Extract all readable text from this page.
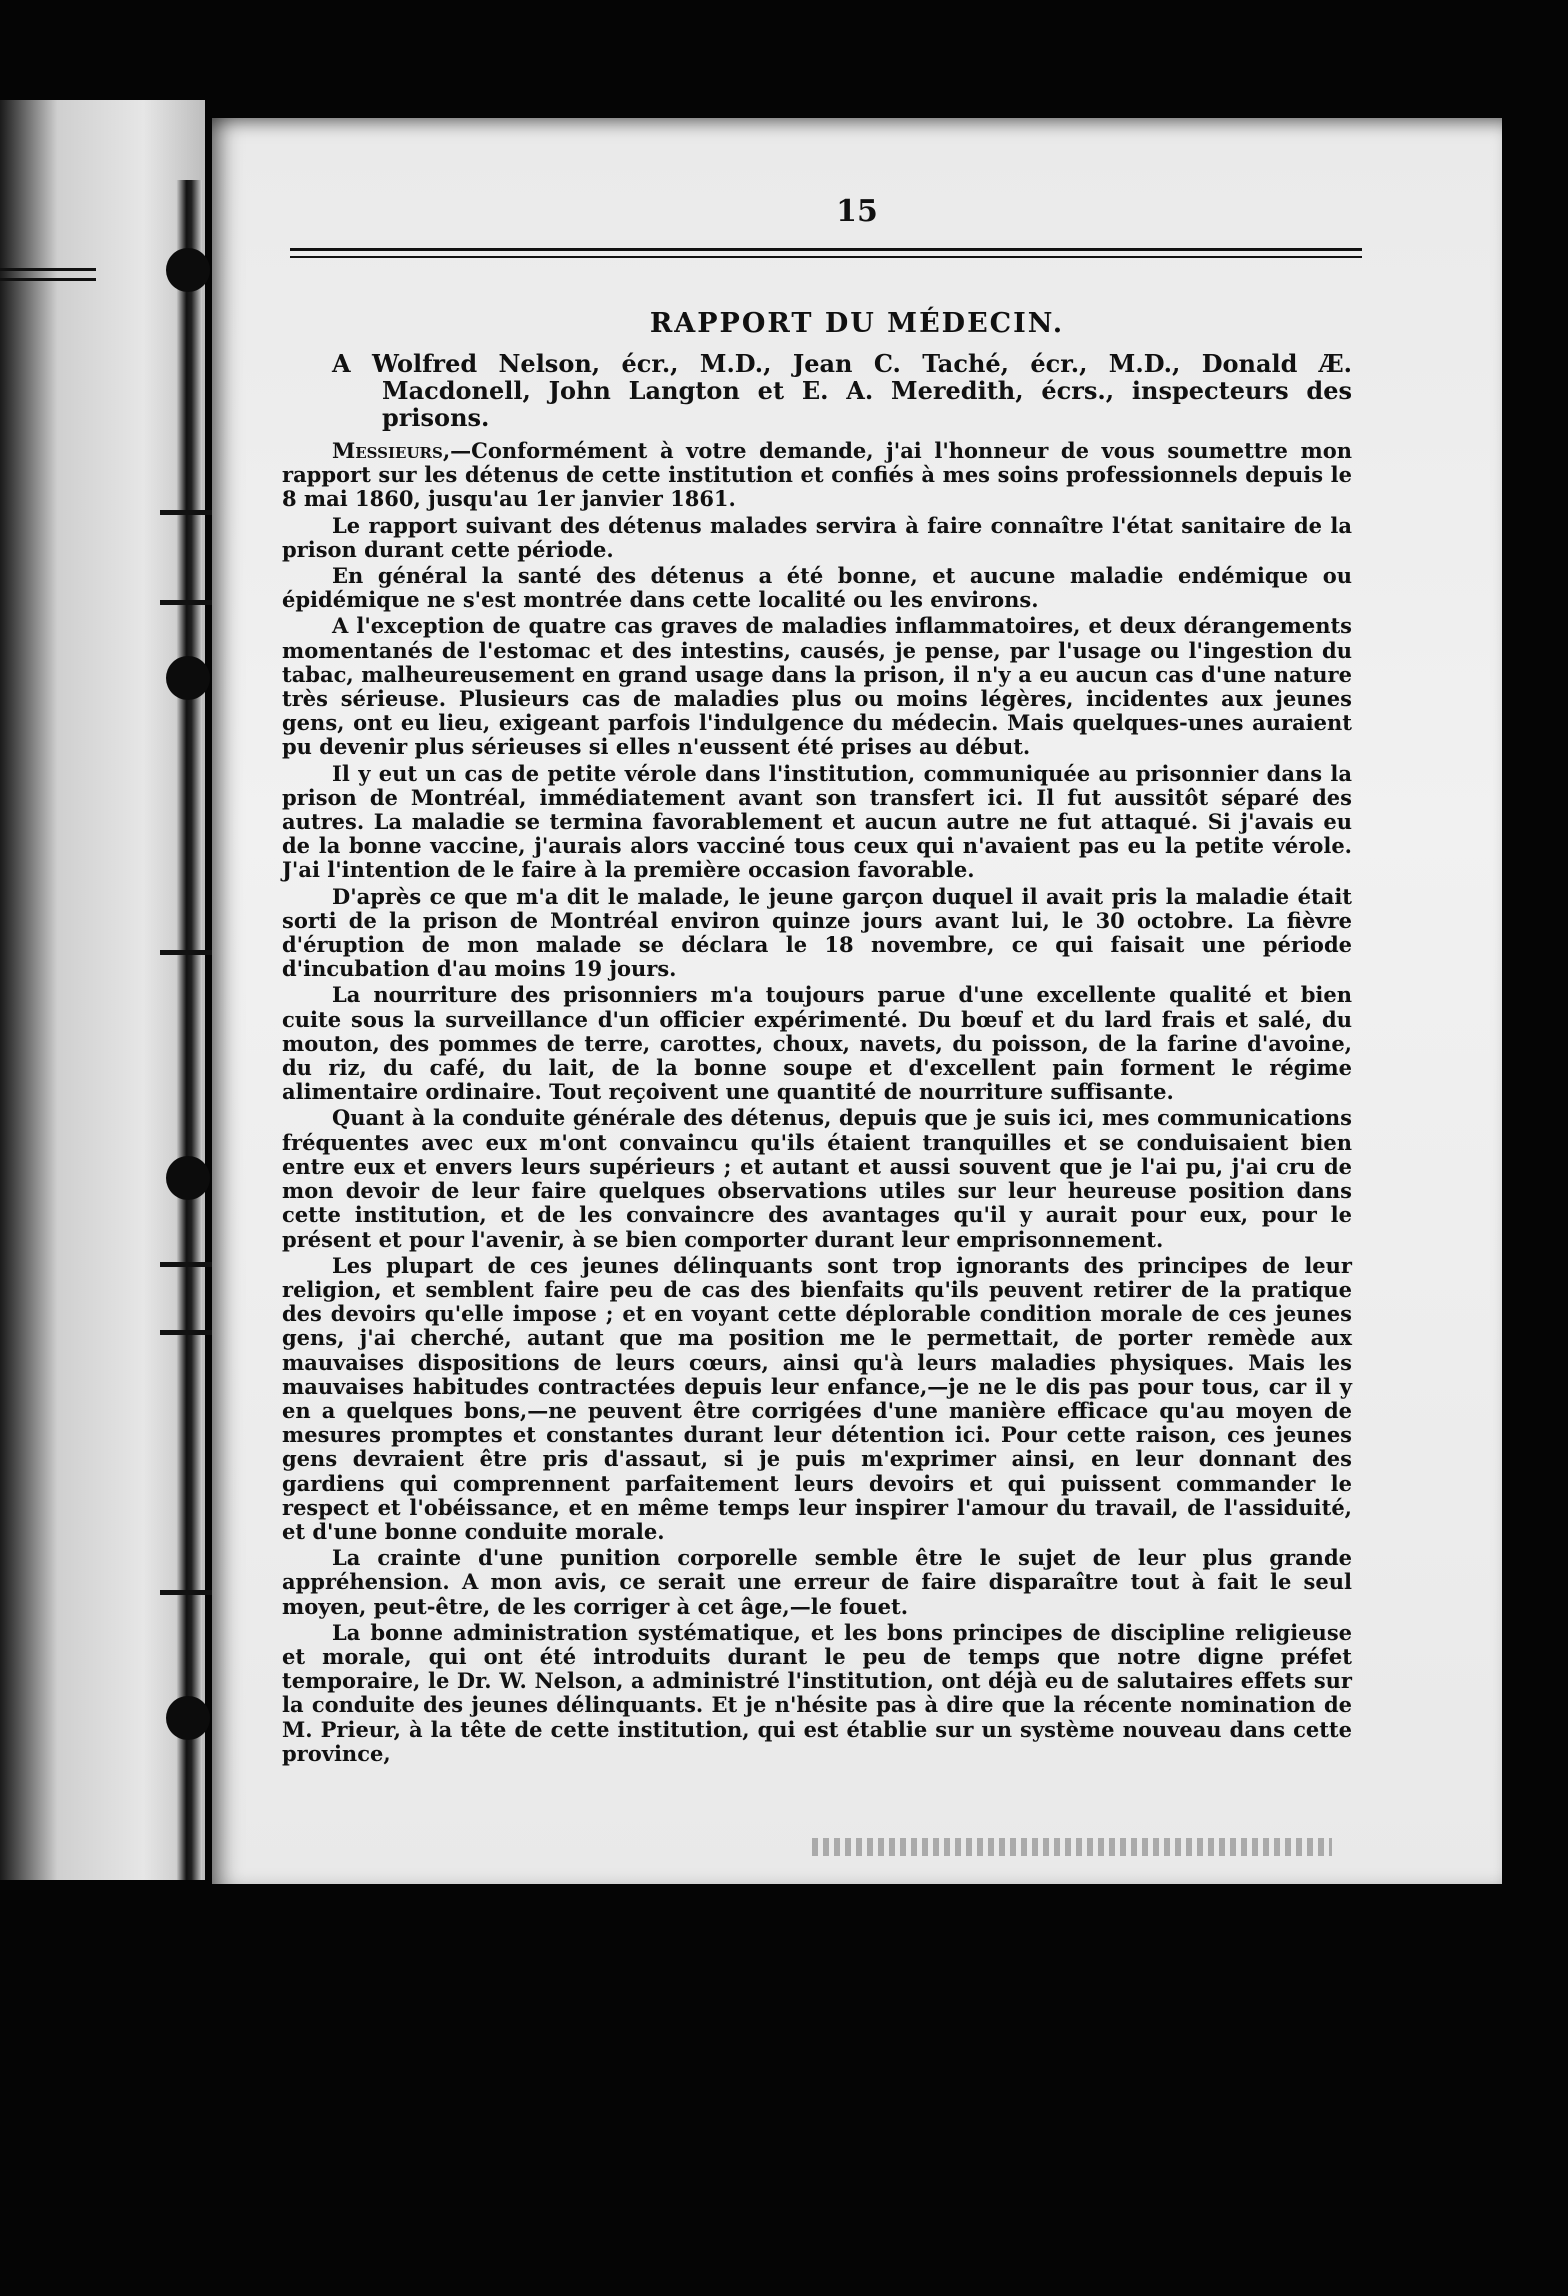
15
RAPPORT DU MÉDECIN.

A Wolfred Nelson, écr., M.D., Jean C. Taché, écr., M.D., Donald Æ. Macdonell, John Langton et E. A. Meredith, écrs., inspecteurs des prisons.

Messieurs,—Conformément à votre demande, j'ai l'honneur de vous soumettre mon rapport sur les détenus de cette institution et confiés à mes soins professionnels depuis le 8 mai 1860, jusqu'au 1er janvier 1861.

Le rapport suivant des détenus malades servira à faire connaître l'état sanitaire de la prison durant cette période.

En général la santé des détenus a été bonne, et aucune maladie endémique ou épidémique ne s'est montrée dans cette localité ou les environs.

A l'exception de quatre cas graves de maladies inflammatoires, et deux dérangements momentanés de l'estomac et des intestins, causés, je pense, par l'usage ou l'ingestion du tabac, malheureusement en grand usage dans la prison, il n'y a eu aucun cas d'une nature très sérieuse. Plusieurs cas de maladies plus ou moins légères, incidentes aux jeunes gens, ont eu lieu, exigeant parfois l'indulgence du médecin. Mais quelques-unes auraient pu devenir plus sérieuses si elles n'eussent été prises au début.

Il y eut un cas de petite vérole dans l'institution, communiquée au prisonnier dans la prison de Montréal, immédiatement avant son transfert ici. Il fut aussitôt séparé des autres. La maladie se termina favorablement et aucun autre ne fut attaqué. Si j'avais eu de la bonne vaccine, j'aurais alors vacciné tous ceux qui n'avaient pas eu la petite vérole. J'ai l'intention de le faire à la première occasion favorable.

D'après ce que m'a dit le malade, le jeune garçon duquel il avait pris la maladie était sorti de la prison de Montréal environ quinze jours avant lui, le 30 octobre. La fièvre d'éruption de mon malade se déclara le 18 novembre, ce qui faisait une période d'incubation d'au moins 19 jours.

La nourriture des prisonniers m'a toujours parue d'une excellente qualité et bien cuite sous la surveillance d'un officier expérimenté. Du bœuf et du lard frais et salé, du mouton, des pommes de terre, carottes, choux, navets, du poisson, de la farine d'avoine, du riz, du café, du lait, de la bonne soupe et d'excellent pain forment le régime alimentaire ordinaire. Tout reçoivent une quantité de nourriture suffisante.

Quant à la conduite générale des détenus, depuis que je suis ici, mes communications fréquentes avec eux m'ont convaincu qu'ils étaient tranquilles et se conduisaient bien entre eux et envers leurs supérieurs ; et autant et aussi souvent que je l'ai pu, j'ai cru de mon devoir de leur faire quelques observations utiles sur leur heureuse position dans cette institution, et de les convaincre des avantages qu'il y aurait pour eux, pour le présent et pour l'avenir, à se bien comporter durant leur emprisonnement.

Les plupart de ces jeunes délinquants sont trop ignorants des principes de leur religion, et semblent faire peu de cas des bienfaits qu'ils peuvent retirer de la pratique des devoirs qu'elle impose ; et en voyant cette déplorable condition morale de ces jeunes gens, j'ai cherché, autant que ma position me le permettait, de porter remède aux mauvaises dispositions de leurs cœurs, ainsi qu'à leurs maladies physiques. Mais les mauvaises habitudes contractées depuis leur enfance,—je ne le dis pas pour tous, car il y en a quelques bons,—ne peuvent être corrigées d'une manière efficace qu'au moyen de mesures promptes et constantes durant leur détention ici. Pour cette raison, ces jeunes gens devraient être pris d'assaut, si je puis m'exprimer ainsi, en leur donnant des gardiens qui comprennent parfaitement leurs devoirs et qui puissent commander le respect et l'obéissance, et en même temps leur inspirer l'amour du travail, de l'assiduité, et d'une bonne conduite morale.

La crainte d'une punition corporelle semble être le sujet de leur plus grande appréhension. A mon avis, ce serait une erreur de faire disparaître tout à fait le seul moyen, peut-être, de les corriger à cet âge,—le fouet.

La bonne administration systématique, et les bons principes de discipline religieuse et morale, qui ont été introduits durant le peu de temps que notre digne préfet temporaire, le Dr. W. Nelson, a administré l'institution, ont déjà eu de salutaires effets sur la conduite des jeunes délinquants. Et je n'hésite pas à dire que la récente nomination de M. Prieur, à la tête de cette institution, qui est établie sur un système nouveau dans cette province,
